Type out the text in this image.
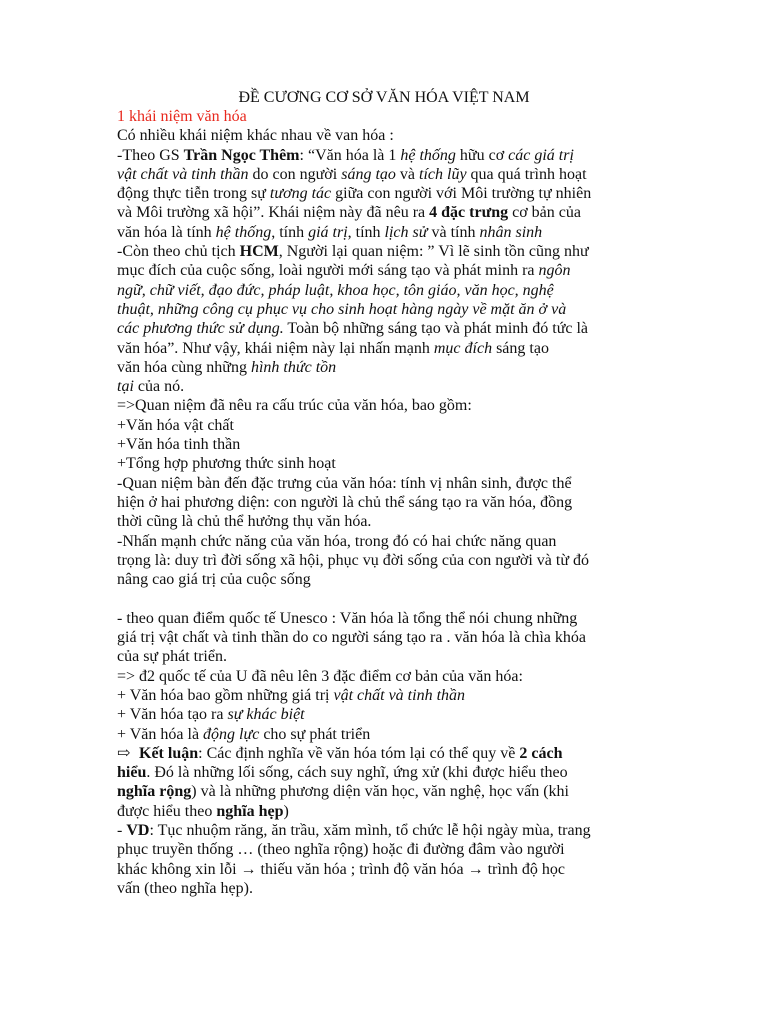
ĐỀ CƯƠNG CƠ SỞ VĂN HÓA VIỆT NAM
1 khái niệm văn hóa
Có nhiều khái niệm khác nhau về van hóa :
-Theo GS Trần Ngọc Thêm: “Văn hóa là 1 hệ thống hữu cơ các giá trị
vật chất và tinh thần do con người sáng tạo và tích lũy qua quá trình hoạt
động thực tiễn trong sự tương tác giữa con người với Môi trường tự nhiên
và Môi trường xã hội”. Khái niệm này đã nêu ra 4 đặc trưng cơ bản của
văn hóa là tính hệ thống, tính giá trị, tính lịch sử và tính nhân sinh
-Còn theo chủ tịch HCM, Người lại quan niệm: ” Vì lẽ sinh tồn cũng như
mục đích của cuộc sống, loài người mới sáng tạo và phát minh ra ngôn
ngữ, chữ viết, đạo đức, pháp luật, khoa học, tôn giáo, văn học, nghệ
thuật, những công cụ phục vụ cho sinh hoạt hàng ngày về mặt ăn ở và
các phương thức sử dụng. Toàn bộ những sáng tạo và phát minh đó tức là
văn hóa”. Như vậy, khái niệm này lại nhấn mạnh mục đích sáng tạo
văn hóa cùng những hình thức tồn
tại của nó.
=>Quan niệm đã nêu ra cấu trúc của văn hóa, bao gồm:
+Văn hóa vật chất
+Văn hóa tinh thần
+Tổng hợp phương thức sinh hoạt
-Quan niệm bàn đến đặc trưng của văn hóa: tính vị nhân sinh, được thể
hiện ở hai phương diện: con người là chủ thể sáng tạo ra văn hóa, đồng
thời cũng là chủ thể hưởng thụ văn hóa.
-Nhấn mạnh chức năng của văn hóa, trong đó có hai chức năng quan
trọng là: duy trì đời sống xã hội, phục vụ đời sống của con người và từ đó
nâng cao giá trị của cuộc sống
- theo quan điểm quốc tế Unesco : Văn hóa là tổng thể nói chung những
giá trị vật chất và tinh thần do co người sáng tạo ra . văn hóa là chìa khóa
của sự phát triển.
=> đ2 quốc tế của U đã nêu lên 3 đặc điểm cơ bản của văn hóa:
+ Văn hóa bao gồm những giá trị vật chất và tinh thần
+ Văn hóa tạo ra sự khác biệt
+ Văn hóa là động lực cho sự phát triển
⇨ Kết luận: Các định nghĩa về văn hóa tóm lại có thể quy về 2 cách
hiểu. Đó là những lối sống, cách suy nghĩ, ứng xử (khi được hiểu theo
nghĩa rộng) và là những phương diện văn học, văn nghệ, học vấn (khi
được hiểu theo nghĩa hẹp)
- VD: Tục nhuộm răng, ăn trầu, xăm mình, tổ chức lễ hội ngày mùa, trang
phục truyền thống … (theo nghĩa rộng) hoặc đi đường đâm vào người
khác không xin lỗi → thiếu văn hóa ; trình độ văn hóa → trình độ học
vấn (theo nghĩa hẹp).
